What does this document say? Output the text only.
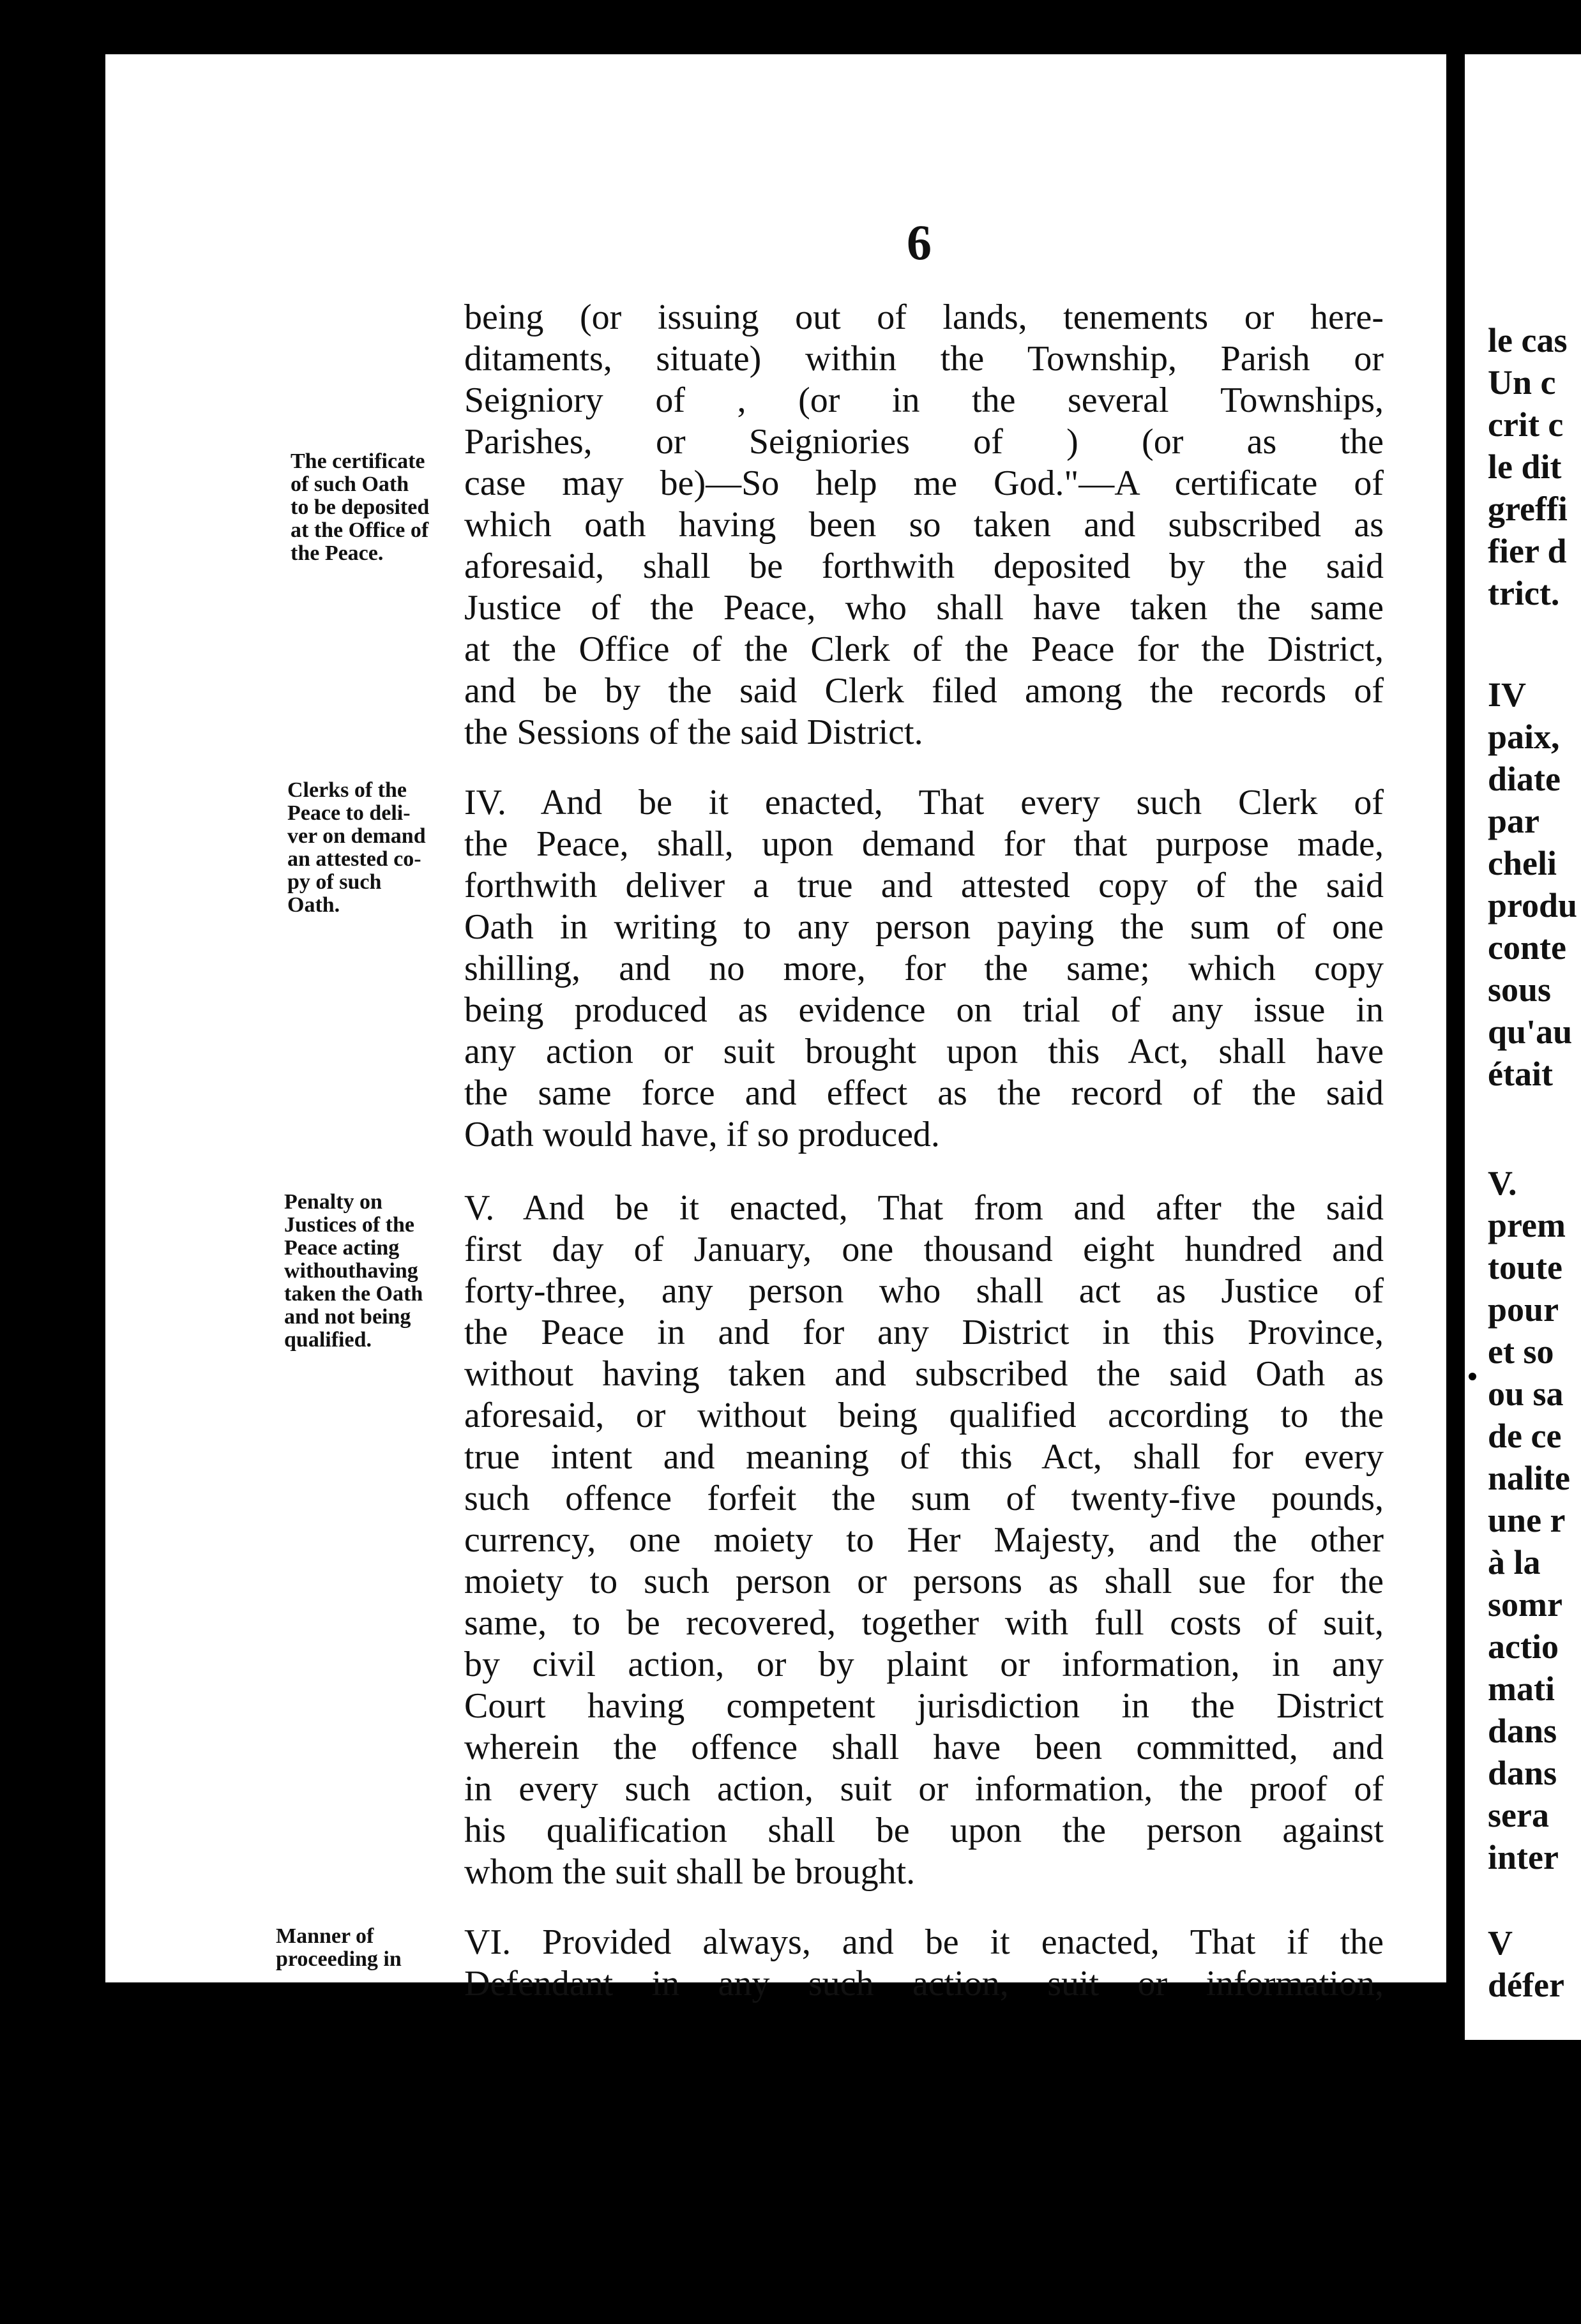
6
being (or issuing out of lands, tenements or here-
ditaments, situate) within the Township, Parish or
Seigniory of , (or in the several Townships,
Parishes, or Seigniories of ) (or as the
case may be)—So help me God."—A certificate of
which oath having been so taken and subscribed as
aforesaid, shall be forthwith deposited by the said
Justice of the Peace, who shall have taken the same
at the Office of the Clerk of the Peace for the District,
and be by the said Clerk filed among the records of
the Sessions of the said District.
IV. And be it enacted, That every such Clerk of
the Peace, shall, upon demand for that purpose made,
forthwith deliver a true and attested copy of the said
Oath in writing to any person paying the sum of one
shilling, and no more, for the same; which copy
being produced as evidence on trial of any issue in
any action or suit brought upon this Act, shall have
the same force and effect as the record of the said
Oath would have, if so produced.
V. And be it enacted, That from and after the said
first day of January, one thousand eight hundred and
forty-three, any person who shall act as Justice of
the Peace in and for any District in this Province,
without having taken and subscribed the said Oath as
aforesaid, or without being qualified according to the
true intent and meaning of this Act, shall for every
such offence forfeit the sum of twenty-five pounds,
currency, one moiety to Her Majesty, and the other
moiety to such person or persons as shall sue for the
same, to be recovered, together with full costs of suit,
by civil action, or by plaint or information, in any
Court having competent jurisdiction in the District
wherein the offence shall have been committed, and
in every such action, suit or information, the proof of
his qualification shall be upon the person against
whom the suit shall be brought.
VI. Provided always, and be it enacted, That if the
Defendant in any such action, suit or information,
The certificate
of such Oath
to be deposited
at the Office of
the Peace.
Clerks of the
Peace to deli-
ver on demand
an attested co-
py of such
Oath.
Penalty on
Justices of the
Peace acting
withouthaving
taken the Oath
and not being
qualified.
Manner of
proceeding in
le cas
Un c
crit c
le dit
greffi
fier d
trict.
IV
paix,
diate
par
cheli
produ
conte
sous
qu'au
était
V.
prem
toute
pour
et so
ou sa
de ce
nalite
une r
à la
somr
actio
mati
dans
dans
sera
inter
V
défer
